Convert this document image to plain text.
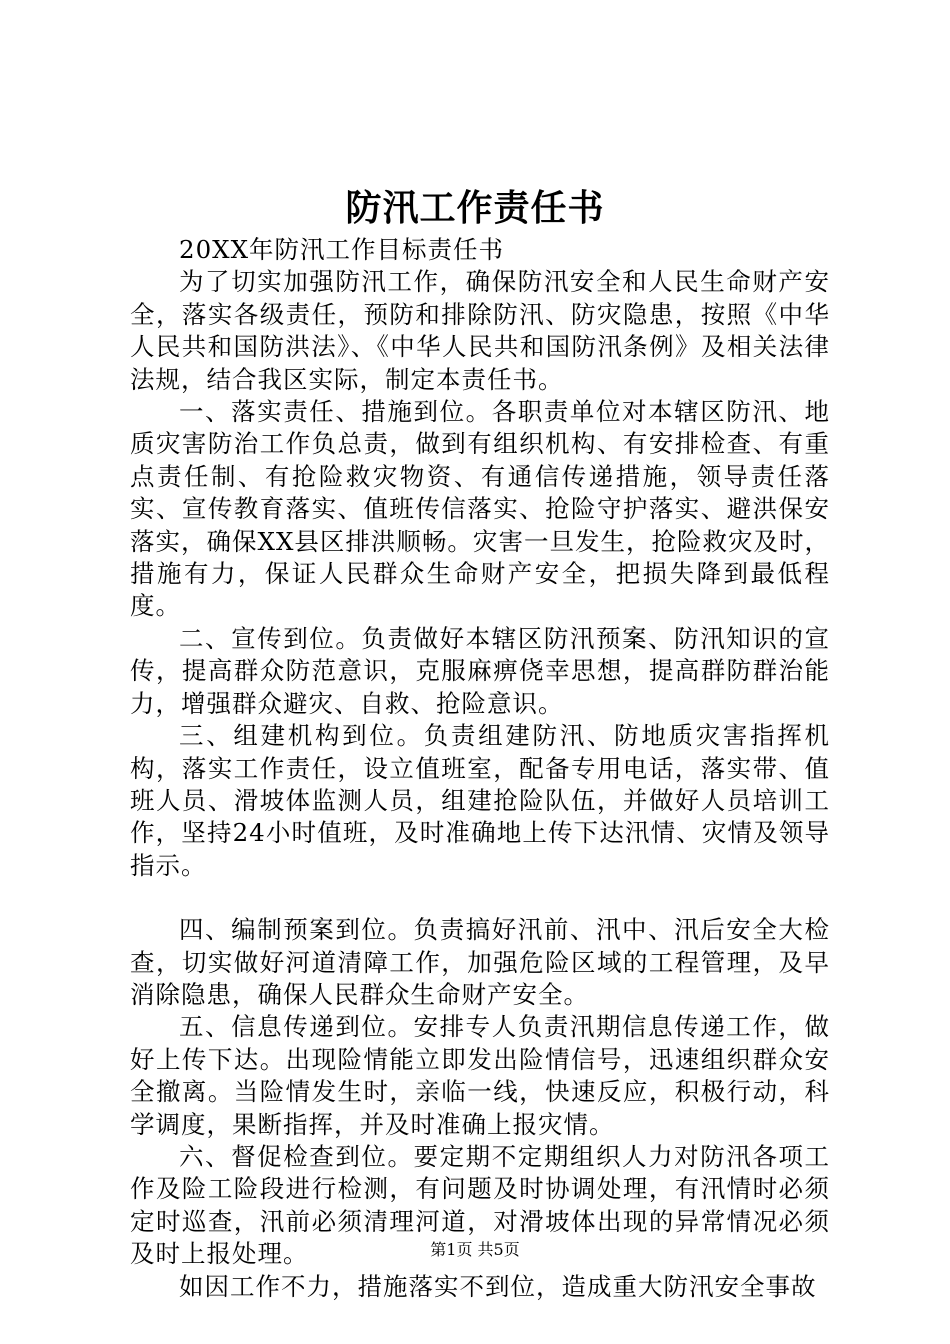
防汛工作责任书

20XX年防汛工作目标责任书

为了切实加强防汛工作，确保防汛安全和人民生命财产安全，落实各级责任，预防和排除防汛、防灾隐患，按照《中华人民共和国防洪法》、《中华人民共和国防汛条例》及相关法律法规，结合我区实际，制定本责任书。

一、落实责任、措施到位。各职责单位对本辖区防汛、地质灾害防治工作负总责，做到有组织机构、有安排检查、有重点责任制、有抢险救灾物资、有通信传递措施，领导责任落实、宣传教育落实、值班传信落实、抢险守护落实、避洪保安落实，确保XX县区排洪顺畅。灾害一旦发生，抢险救灾及时，措施有力，保证人民群众生命财产安全，把损失降到最低程度。

二、宣传到位。负责做好本辖区防汛预案、防汛知识的宣传，提高群众防范意识，克服麻痹侥幸思想，提高群防群治能力，增强群众避灾、自救、抢险意识。

三、组建机构到位。负责组建防汛、防地质灾害指挥机构，落实工作责任，设立值班室，配备专用电话，落实带、值班人员、滑坡体监测人员，组建抢险队伍，并做好人员培训工作，坚持24小时值班，及时准确地上传下达汛情、灾情及领导指示。

四、编制预案到位。负责搞好汛前、汛中、汛后安全大检查，切实做好河道清障工作，加强危险区域的工程管理，及早消除隐患，确保人民群众生命财产安全。

五、信息传递到位。安排专人负责汛期信息传递工作，做好上传下达。出现险情能立即发出险情信号，迅速组织群众安全撤离。当险情发生时，亲临一线，快速反应，积极行动，科学调度，果断指挥，并及时准确上报灾情。

六、督促检查到位。要定期不定期组织人力对防汛各项工作及险工险段进行检测，有问题及时协调处理，有汛情时必须定时巡查，汛前必须清理河道，对滑坡体出现的异常情况必须及时上报处理。

如因工作不力，措施落实不到位，造成重大防汛安全事故

第1页 共5页
